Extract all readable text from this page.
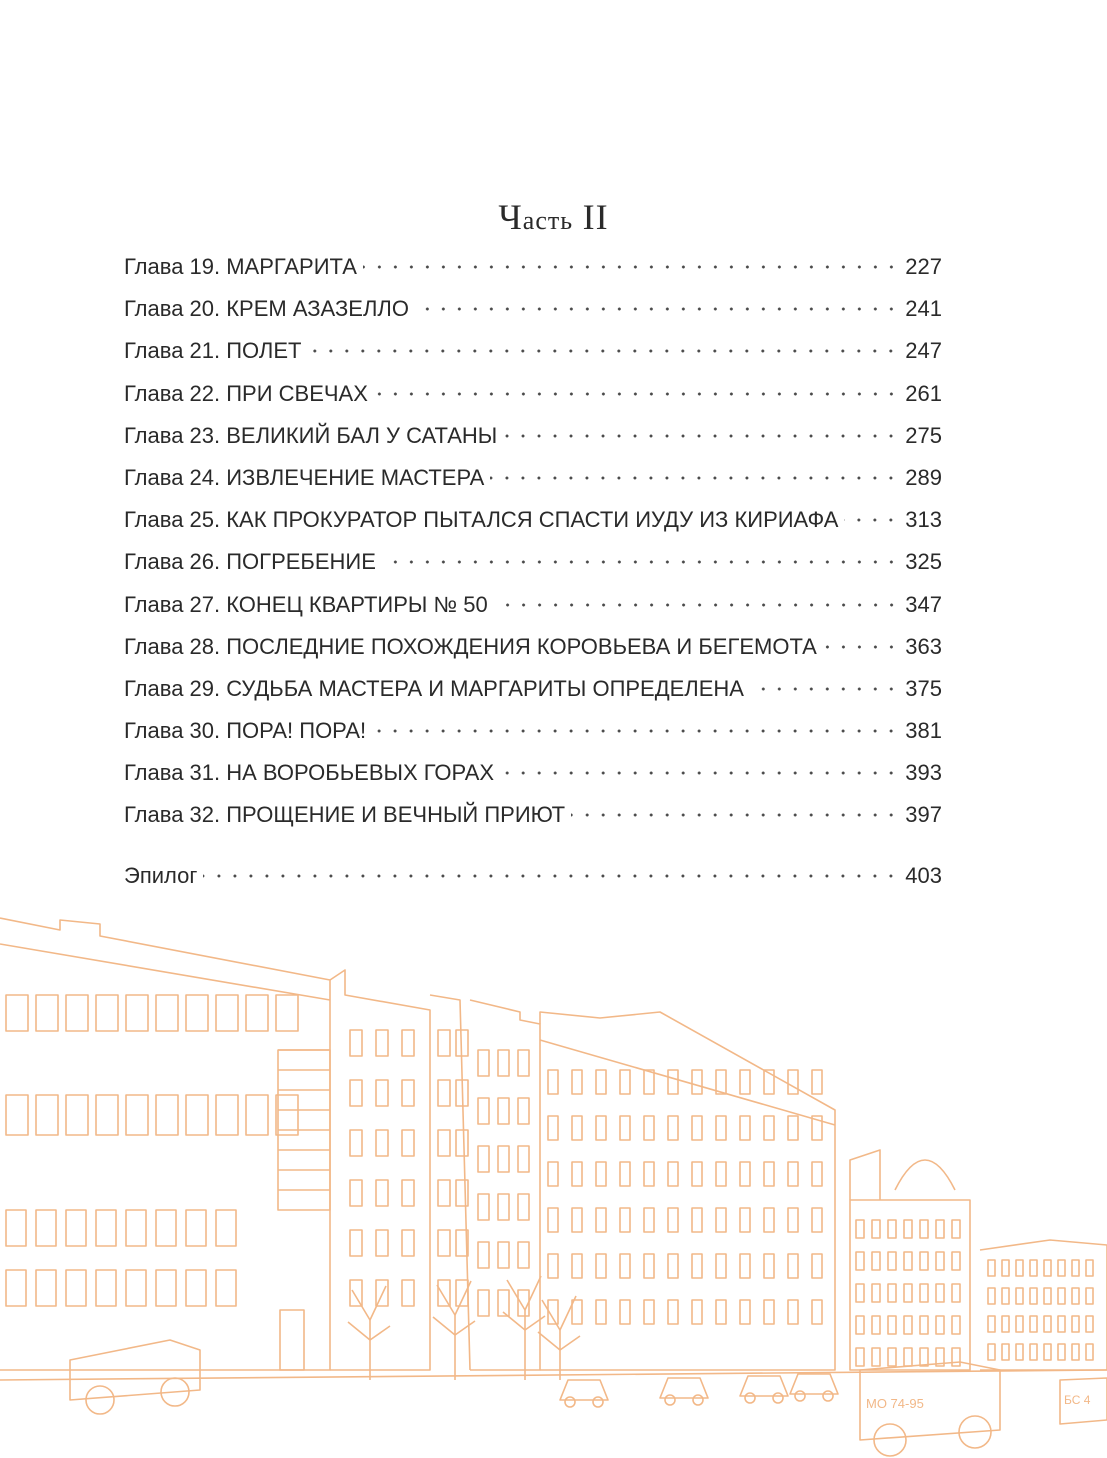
Часть II
Глава 19. МАРГАРИТА	227
Глава 20. КРЕМ АЗАЗЕЛЛО	241
Глава 21. ПОЛЕТ	247
Глава 22. ПРИ СВЕЧАХ	261
Глава 23. ВЕЛИКИЙ БАЛ У САТАНЫ	275
Глава 24. ИЗВЛЕЧЕНИЕ МАСТЕРА	289
Глава 25. КАК ПРОКУРАТОР ПЫТАЛСЯ СПАСТИ ИУДУ ИЗ КИРИАФА	313
Глава 26. ПОГРЕБЕНИЕ	325
Глава 27. КОНЕЦ КВАРТИРЫ № 50	347
Глава 28. ПОСЛЕДНИЕ ПОХОЖДЕНИЯ КОРОВЬЕВА И БЕГЕМОТА	363
Глава 29. СУДЬБА МАСТЕРА И МАРГАРИТЫ ОПРЕДЕЛЕНА	375
Глава 30. ПОРА! ПОРА!	381
Глава 31. НА ВОРОБЬЕВЫХ ГОРАХ	393
Глава 32. ПРОЩЕНИЕ И ВЕЧНЫЙ ПРИЮТ	397
Эпилог	403
МО 74-95	БС 4
